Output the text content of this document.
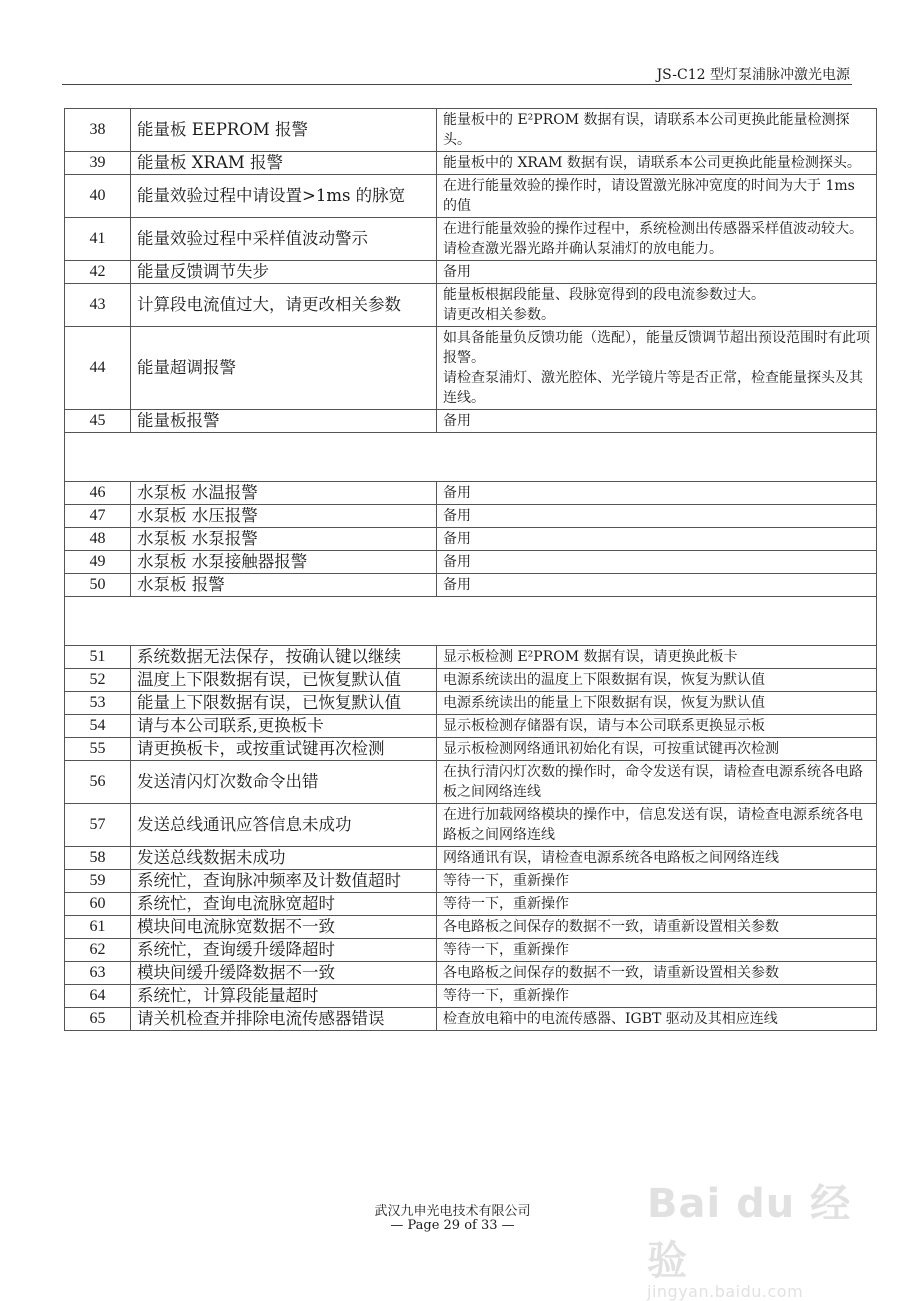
JS-C12 型灯泵浦脉冲激光电源
38	能量板 EEPROM 报警	能量板中的 E²PROM 数据有误，请联系本公司更换此能量检测探头。

39	能量板 XRAM 报警	能量板中的 XRAM 数据有误，请联系本公司更换此能量检测探头。

40	能量效验过程中请设置>1ms 的脉宽	在进行能量效验的操作时，请设置激光脉冲宽度的时间为大于 1ms 的值

41	能量效验过程中采样值波动警示	在进行能量效验的操作过程中，系统检测出传感器采样值波动较大。
请检查激光器光路并确认泵浦灯的放电能力。

42	能量反馈调节失步	备用

43	计算段电流值过大，请更改相关参数	能量板根据段能量、段脉宽得到的段电流参数过大。
请更改相关参数。

44	能量超调报警	如具备能量负反馈功能（选配），能量反馈调节超出预设范围时有此项报警。
请检查泵浦灯、激光腔体、光学镜片等是否正常，检查能量探头及其连线。

45	能量板报警	备用

46	水泵板 水温报警	备用

47	水泵板 水压报警	备用

48	水泵板 水泵报警	备用

49	水泵板 水泵接触器报警	备用

50	水泵板 报警	备用

51	系统数据无法保存，按确认键以继续	显示板检测 E²PROM 数据有误，请更换此板卡

52	温度上下限数据有误，已恢复默认值	电源系统读出的温度上下限数据有误，恢复为默认值

53	能量上下限数据有误，已恢复默认值	电源系统读出的能量上下限数据有误，恢复为默认值

54	请与本公司联系,更换板卡	显示板检测存储器有误，请与本公司联系更换显示板

55	请更换板卡，或按重试键再次检测	显示板检测网络通讯初始化有误，可按重试键再次检测

56	发送清闪灯次数命令出错	在执行清闪灯次数的操作时，命令发送有误，请检查电源系统各电路板之间网络连线

57	发送总线通讯应答信息未成功	在进行加载网络模块的操作中，信息发送有误，请检查电源系统各电路板之间网络连线

58	发送总线数据未成功	网络通讯有误，请检查电源系统各电路板之间网络连线

59	系统忙，查询脉冲频率及计数值超时	等待一下，重新操作

60	系统忙，查询电流脉宽超时	等待一下，重新操作

61	模块间电流脉宽数据不一致	各电路板之间保存的数据不一致，请重新设置相关参数

62	系统忙，查询缓升缓降超时	等待一下，重新操作

63	模块间缓升缓降数据不一致	各电路板之间保存的数据不一致，请重新设置相关参数

64	系统忙，计算段能量超时	等待一下，重新操作

65	请关机检查并排除电流传感器错误	检查放电箱中的电流传感器、IGBT 驱动及其相应连线
武汉九申光电技术有限公司
— Page 29 of 33 —	Bai du 经验
jingyan.baidu.com
